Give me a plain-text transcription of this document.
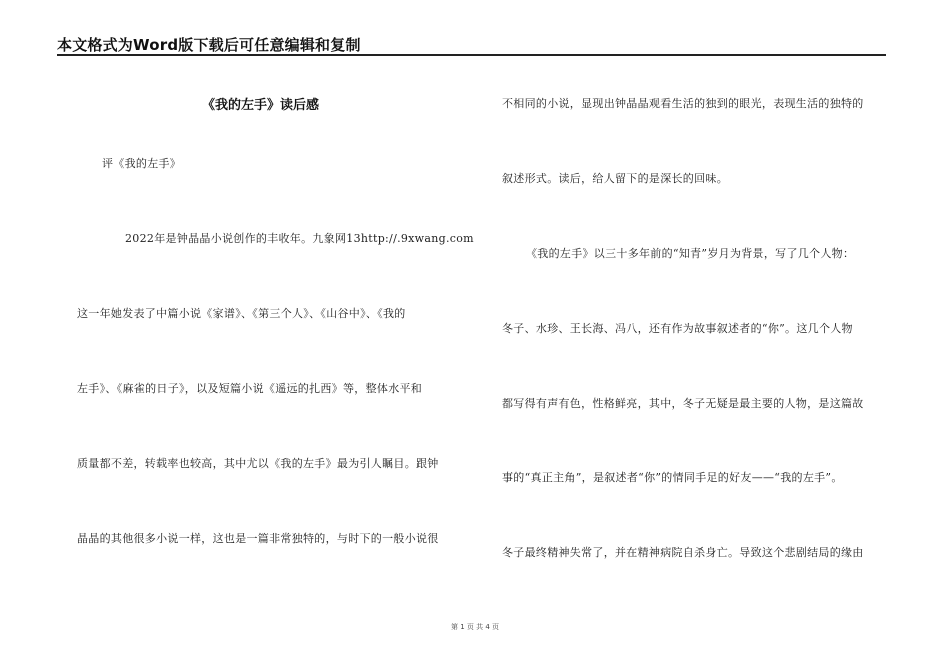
本文格式为Word版下载后可任意编辑和复制
《我的左手》读后感
评《我的左手》
2022年是钟晶晶小说创作的丰收年。九象网13http://.9xwang.com
这一年她发表了中篇小说《家谱》、《第三个人》、《山谷中》、《我的
左手》、《麻雀的日子》，以及短篇小说《遥远的扎西》等，整体水平和
质量都不差，转载率也较高，其中尤以《我的左手》最为引人瞩目。跟钟
晶晶的其他很多小说一样，这也是一篇非常独特的，与时下的一般小说很
不相同的小说，显现出钟晶晶观看生活的独到的眼光，表现生活的独特的
叙述形式。读后，给人留下的是深长的回味。
《我的左手》以三十多年前的“知青”岁月为背景，写了几个人物：
冬子、水珍、王长海、冯八，还有作为故事叙述者的“你”。这几个人物
都写得有声有色，性格鲜亮，其中，冬子无疑是最主要的人物，是这篇故
事的“真正主角”，是叙述者“你”的情同手足的好友——“我的左手”。
冬子最终精神失常了，并在精神病院自杀身亡。导致这个悲剧结局的缘由
第 1 页 共 4 页
